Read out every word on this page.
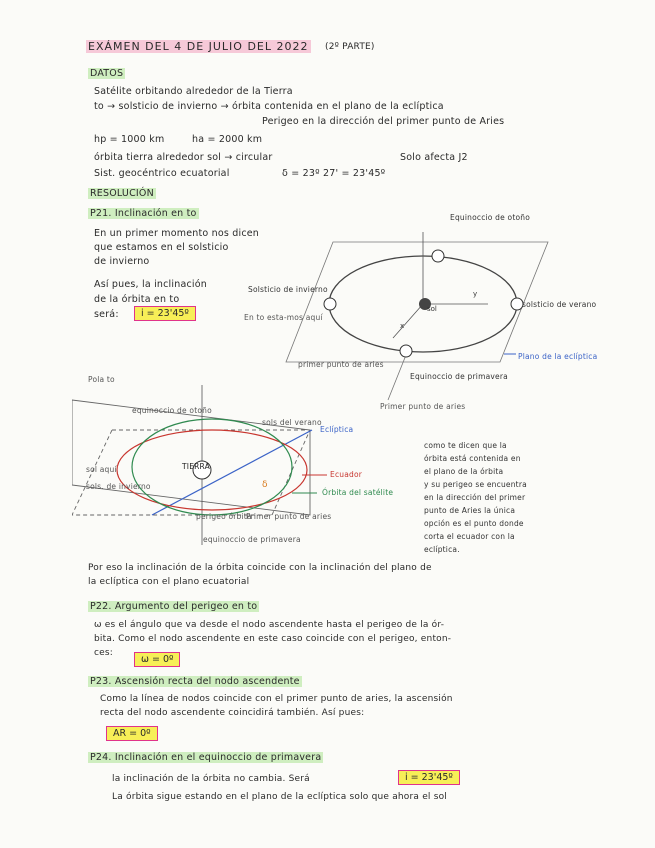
EXÁMEN DEL 4 DE JULIO DEL 2022 (2º PARTE)
DATOS
Satélite orbitando alrededor de la Tierra
to → solsticio de invierno → órbita contenida en el plano de la eclíptica
Perigeo en la dirección del primer punto de Aries
hp = 1000 km	ha = 2000 km
órbita tierra alrededor sol → circular	Solo afecta J2
Sist. geocéntrico ecuatorial	δ = 23º 27' = 23'45º
RESOLUCIÓN
P21. Inclinación en to
En un primer momento nos dicen
que estamos en el solsticio
de invierno
Así pues, la inclinación
de la órbita en to
será:	i = 23'45º	sol
y
x
Equinoccio de otoño
Solsticio de invierno
En to esta-mos aquí
solsticio de verano
primer punto de aries
Equinoccio de primavera
Plano de la eclíptica
Primer punto de aries
δ
Pola to
equinoccio de otoño
sols del verano
sols. de invierno
sol aquí	TIERRA
Eclíptica
Ecuador
Órbita del satélite
perigeo órbita
Primer punto de aries
equinoccio de primavera
como te dicen que la
órbita está contenida en
el plano de la órbita
y su perigeo se encuentra
en la dirección del primer
punto de Aries la única
opción es el punto donde
corta el ecuador con la
eclíptica.
Por eso la inclinación de la órbita coincide con la inclinación del plano de
la eclíptica con el plano ecuatorial
P22. Argumento del perigeo en to
ω es el ángulo que va desde el nodo ascendente hasta el perigeo de la ór-
bita. Como el nodo ascendente en este caso coincide con el perigeo, enton-
ces:
ω = 0º
P23. Ascensión recta del nodo ascendente
Como la línea de nodos coincide con el primer punto de aries, la ascensión
recta del nodo ascendente coincidirá también. Así pues:
AR = 0º
P24. Inclinación en el equinoccio de primavera
la inclinación de la órbita no cambia. Será	i = 23'45º
La órbita sigue estando en el plano de la eclíptica solo que ahora el sol
